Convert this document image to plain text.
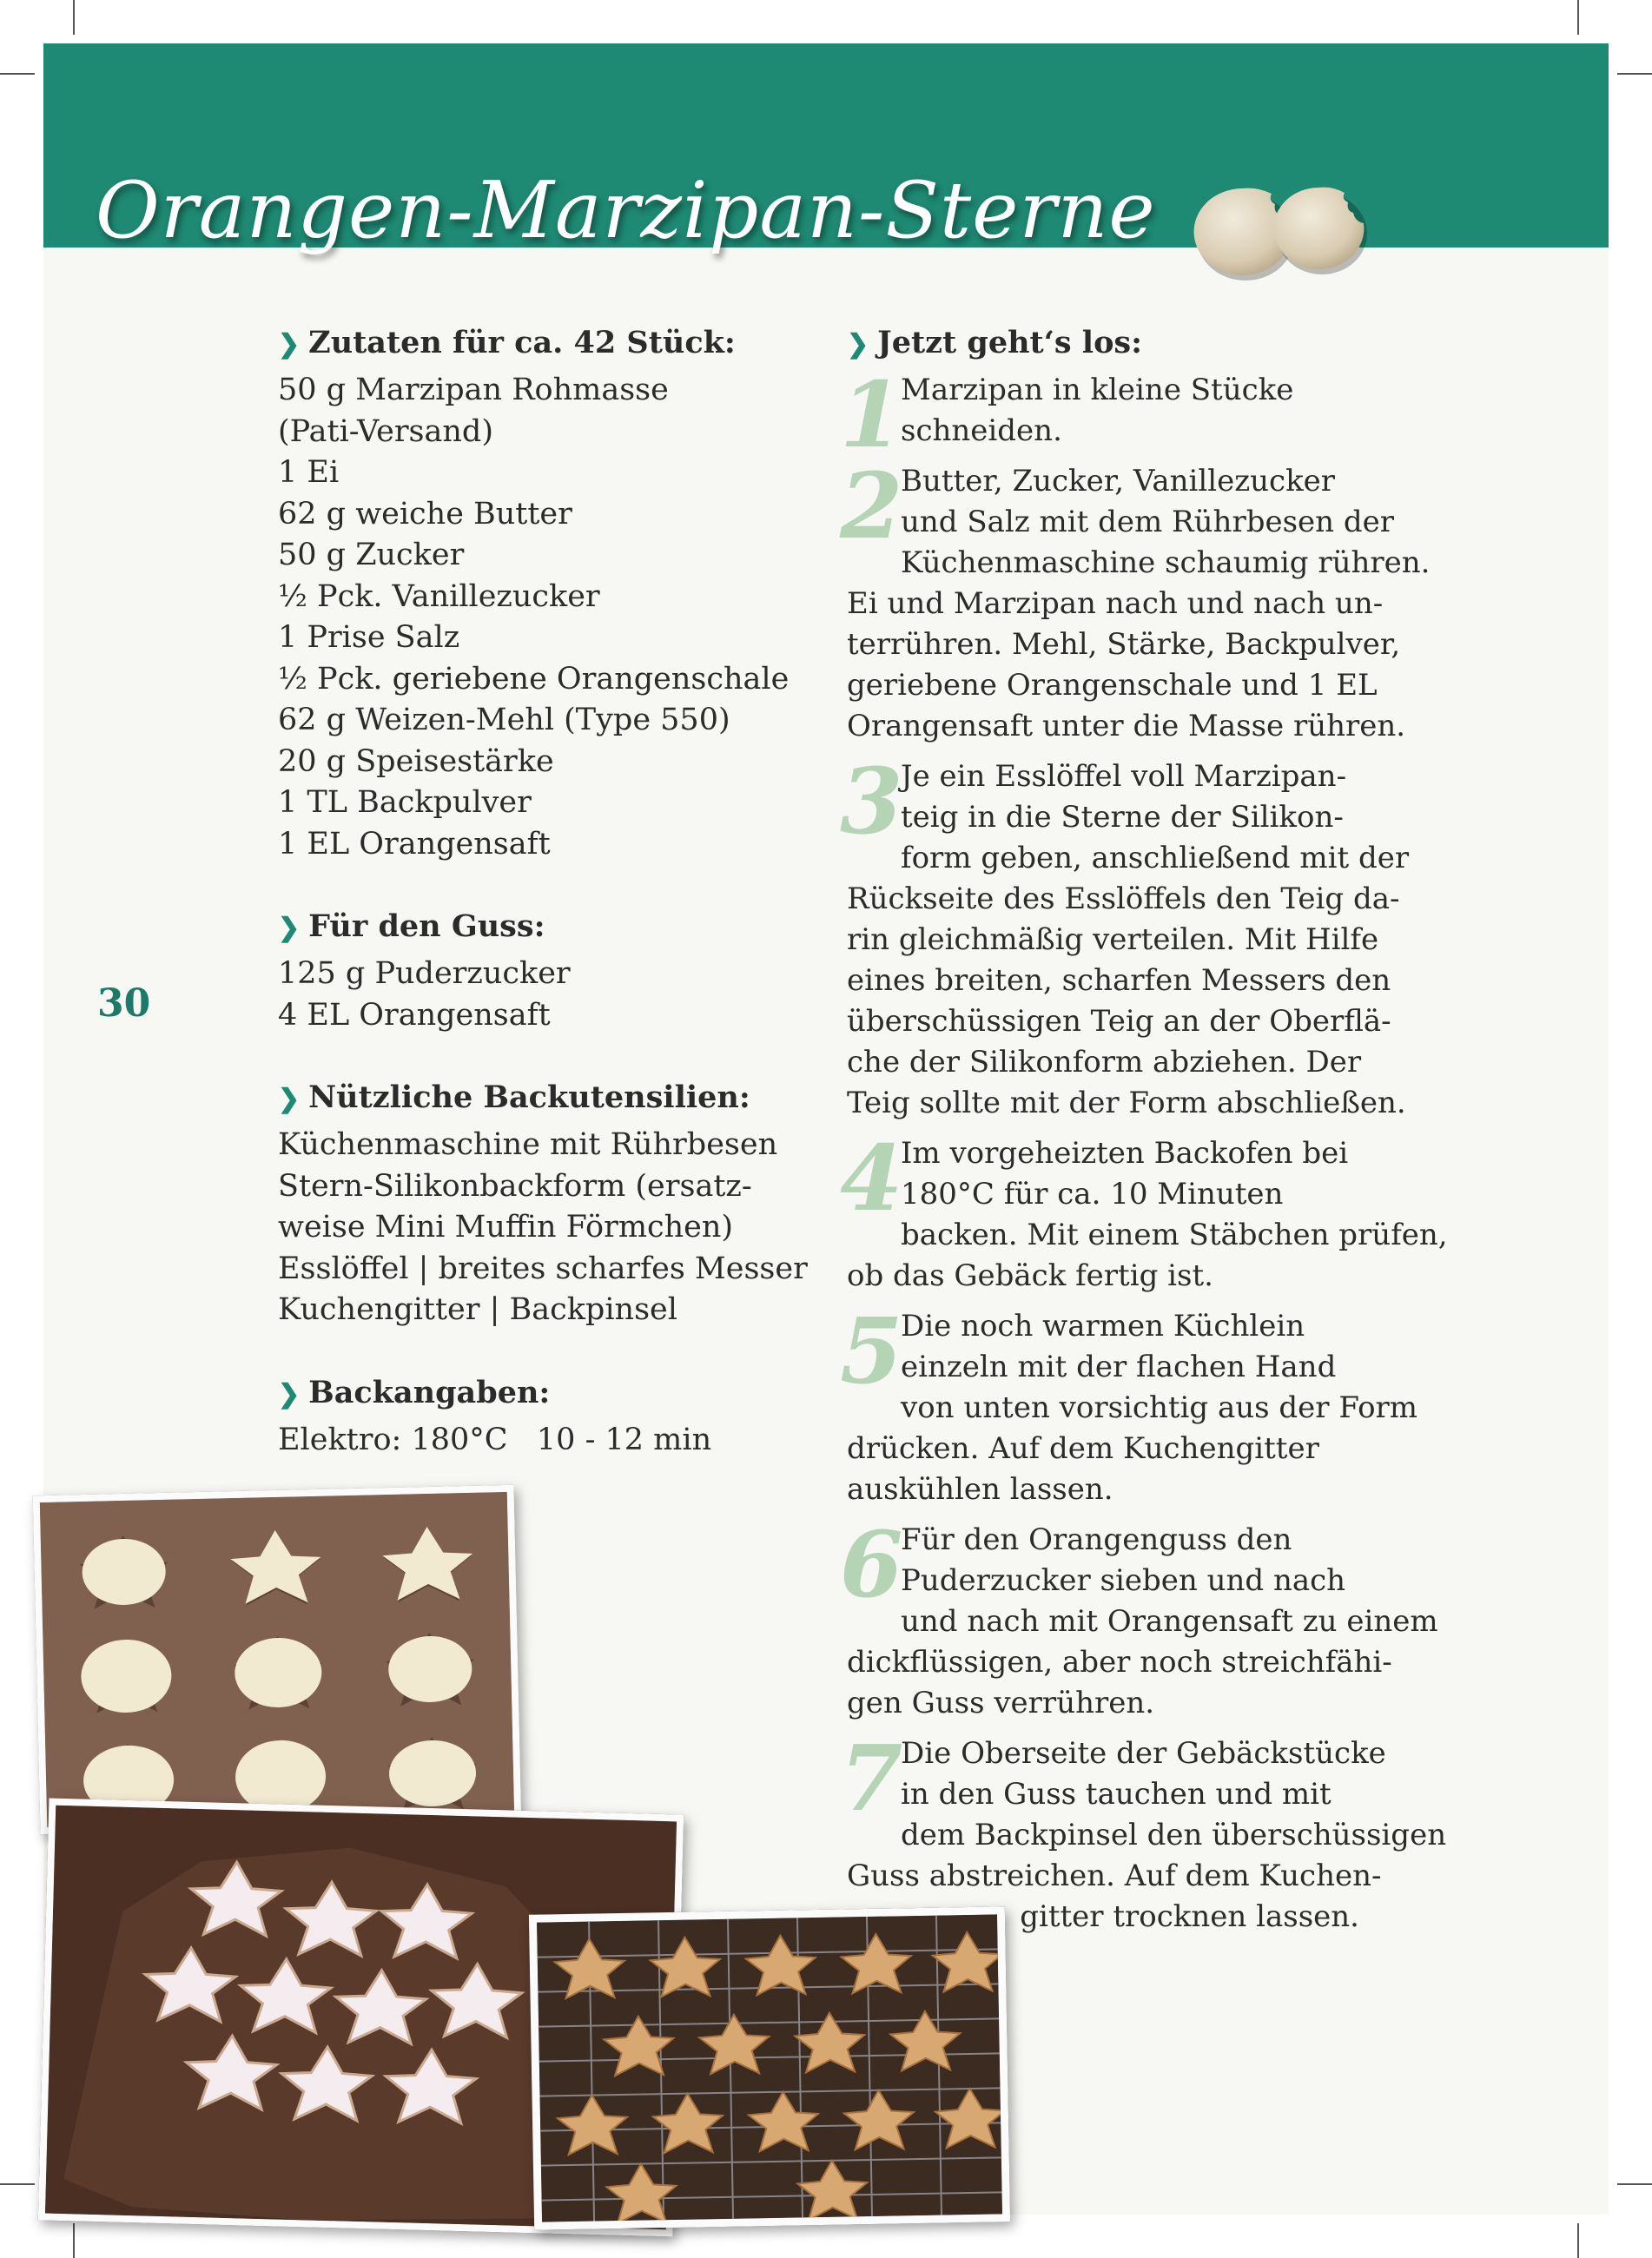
Orangen-Marzipan-Sterne
30
❯ Zutaten für ca. 42 Stück:
50 g Marzipan Rohmasse
(Pati-Versand)
1 Ei
62 g weiche Butter
50 g Zucker
½ Pck. Vanillezucker
1 Prise Salz
½ Pck. geriebene Orangenschale
62 g Weizen-Mehl (Type 550)
20 g Speisestärke
1 TL Backpulver
1 EL Orangensaft
❯ Für den Guss:
125 g Puderzucker
4 EL Orangensaft
❯ Nützliche Backutensilien:
Küchenmaschine mit Rührbesen
Stern-Silikonbackform (ersatz-
weise Mini Muffin Förmchen)
Esslöffel | breites scharfes Messer
Kuchengitter | Backpinsel
❯ Backangaben:
Elektro: 180°C   10 - 12 min
❯ Jetzt geht‘s los:
1

Marzipan in kleine Stücke
schneiden.

2

Butter, Zucker, Vanillezucker
und Salz mit dem Rührbesen der
Küchenmaschine schaumig rühren.
Ei und Marzipan nach und nach un-
terrühren. Mehl, Stärke, Backpulver,
geriebene Orangenschale und 1 EL
Orangensaft unter die Masse rühren.

3

Je ein Esslöffel voll Marzipan-
teig in die Sterne der Silikon-
form geben, anschließend mit der
Rückseite des Esslöffels den Teig da-
rin gleichmäßig verteilen. Mit Hilfe
eines breiten, scharfen Messers den
überschüssigen Teig an der Oberflä-
che der Silikonform abziehen. Der
Teig sollte mit der Form abschließen.

4

Im vorgeheizten Backofen bei
180°C für ca. 10 Minuten
backen. Mit einem Stäbchen prüfen,
ob das Gebäck fertig ist.

5

Die noch warmen Küchlein
einzeln mit der flachen Hand
von unten vorsichtig aus der Form
drücken. Auf dem Kuchengitter
auskühlen lassen.

6

Für den Orangenguss den
Puderzucker sieben und nach
und nach mit Orangensaft zu einem
dickflüssigen, aber noch streichfähi-
gen Guss verrühren.

7

Die Oberseite der Gebäckstücke
in den Guss tauchen und mit
dem Backpinsel den überschüssigen
Guss abstreichen. Auf dem Kuchen-
gitter trocknen lassen.
